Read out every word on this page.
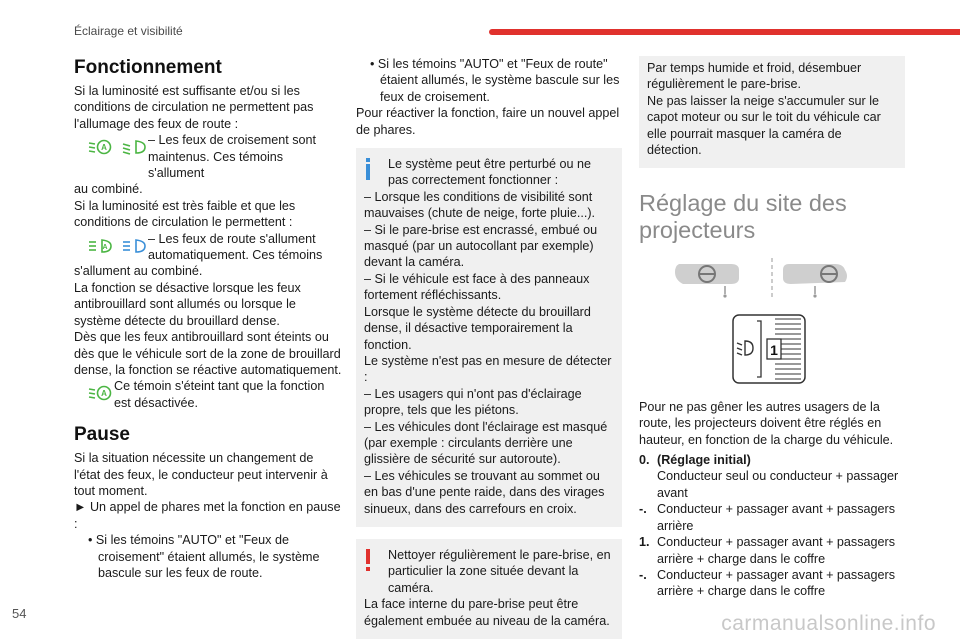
Éclairage et visibilité
Fonctionnement

Si la luminosité est suffisante et/ou si les conditions de circulation ne permettent pas l'allumage des feux de route :

A
– Les feux de croisement sont maintenus. Ces témoins s'allument

au combiné.

Si la luminosité est très faible et que les conditions de circulation le permettent :

A
– Les feux de route s'allument automatiquement. Ces témoins

s'allument au combiné.

La fonction se désactive lorsque les feux antibrouillard sont allumés ou lorsque le système détecte du brouillard dense.

Dès que les feux antibrouillard sont éteints ou dès que le véhicule sort de la zone de brouillard dense, la fonction se réactive automatiquement.

A
Ce témoin s'éteint tant que la fonction est désactivée.
Pause

Si la situation nécessite un changement de l'état des feux, le conducteur peut intervenir à tout moment.

► Un appel de phares met la fonction en pause :

• Si les témoins "AUTO" et "Feux de croisement" étaient allumés, le système bascule sur les feux de route.

• Si les témoins "AUTO" et "Feux de route" étaient allumés, le système bascule sur les feux de croisement.

Pour réactiver la fonction, faire un nouvel appel de phares.

Le système peut être perturbé ou ne pas correctement fonctionner :

– Lorsque les conditions de visibilité sont mauvaises (chute de neige, forte pluie...).

– Si le pare-brise est encrassé, embué ou masqué (par un autocollant par exemple) devant la caméra.

– Si le véhicule est face à des panneaux fortement réfléchissants.

Lorsque le système détecte du brouillard dense, il désactive temporairement la fonction.

Le système n'est pas en mesure de détecter :

– Les usagers qui n'ont pas d'éclairage propre, tels que les piétons.

– Les véhicules dont l'éclairage est masqué (par exemple : circulants derrière une glissière de sécurité sur autoroute).

– Les véhicules se trouvant au sommet ou en bas d'une pente raide, dans des virages sinueux, dans des carrefours en croix.

Nettoyer régulièrement le pare-brise, en particulier la zone située devant la caméra.

La face interne du pare-brise peut être également embuée au niveau de la caméra.

Par temps humide et froid, désembuer régulièrement le pare-brise.

Ne pas laisser la neige s'accumuler sur le capot moteur ou sur le toit du véhicule car elle pourrait masquer la caméra de détection.

Réglage du site des projecteurs
1

Pour ne pas gêner les autres usagers de la route, les projecteurs doivent être réglés en hauteur, en fonction de la charge du véhicule.

0. (Réglage initial)
Conducteur seul ou conducteur + passager avant
-. Conducteur + passager avant + passagers arrière
1. Conducteur + passager avant + passagers arrière + charge dans le coffre
-. Conducteur + passager avant + passagers arrière + charge dans le coffre
54	carmanualsonline.info
